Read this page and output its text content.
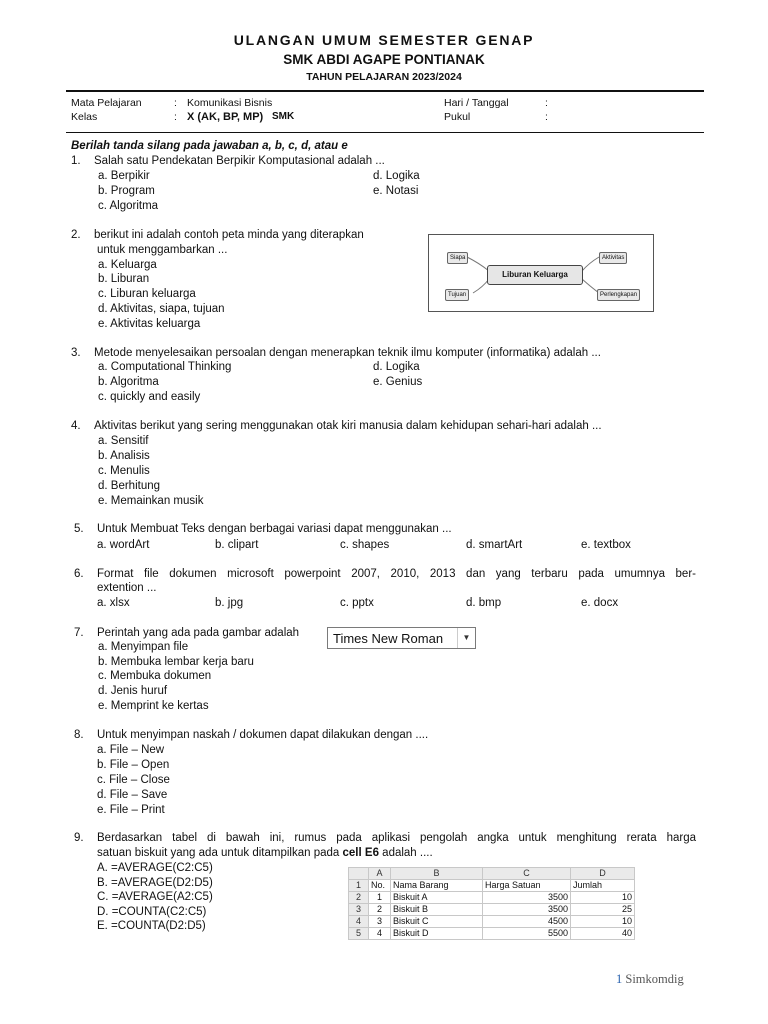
ULANGAN UMUM SEMESTER GENAP
SMK ABDI AGAPE PONTIANAK
TAHUN PELAJARAN 2023/2024
Mata Pelajaran	: Komunikasi Bisnis
Kelas	: X (AK, BP, MP) SMK
Hari / Tanggal	:
Pukul	:
Berilah tanda silang pada jawaban a, b, c, d, atau e
1. Salah satu Pendekatan Berpikir Komputasional adalah ...
a. Berpikir
b. Program
c. Algoritma
d. Logika
e. Notasi
2. berikut ini adalah contoh peta minda yang diterapkan
untuk menggambarkan ...
a. Keluarga
b. Liburan
c. Liburan keluarga
d. Aktivitas, siapa, tujuan
e. Aktivitas keluarga
Liburan Keluarga
Siapa
Tujuan
Aktivitas
Perlengkapan
3. Metode menyelesaikan persoalan dengan menerapkan teknik ilmu komputer (informatika) adalah ...
a. Computational Thinking
b. Algoritma
c. quickly and easily
d. Logika
e. Genius
4. Aktivitas berikut yang sering menggunakan otak kiri manusia dalam kehidupan sehari-hari adalah ...
a. Sensitif
b. Analisis
c. Menulis
d. Berhitung
e. Memainkan musik
5. Untuk Membuat Teks dengan berbagai variasi dapat menggunakan ...
a. wordArt	b. clipart	c. shapes	d. smartArt	e. textbox
6. Format file dokumen microsoft powerpoint 2007, 2010, 2013 dan yang terbaru pada umumnya ber-
extention ...
a. xlsx	b. jpg	c. pptx	d. bmp	e. docx
7. Perintah yang ada pada gambar adalah
a. Menyimpan file
b. Membuka lembar kerja baru
c. Membuka dokumen
d. Jenis huruf
e. Memprint ke kertas
Times New Roman	▼
8. Untuk menyimpan naskah / dokumen dapat dilakukan dengan ....
a. File – New
b. File – Open
c. File – Close
d. File – Save
e. File – Print
9. Berdasarkan tabel di bawah ini, rumus pada aplikasi pengolah angka untuk menghitung rerata harga
satuan biskuit yang ada untuk ditampilkan pada cell E6 adalah ....
A. =AVERAGE(C2:C5)
B. =AVERAGE(D2:D5)
C. =AVERAGE(A2:C5)
D. =COUNTA(C2:C5)
E. =COUNTA(D2:D5)
	A	B	C	D
1	No.	Nama Barang	Harga Satuan	Jumlah
2	1	Biskuit A	3500	10
3	2	Biskuit B	3500	25
4	3	Biskuit C	4500	10
5	4	Biskuit D	5500	40
1 Simkomdig
